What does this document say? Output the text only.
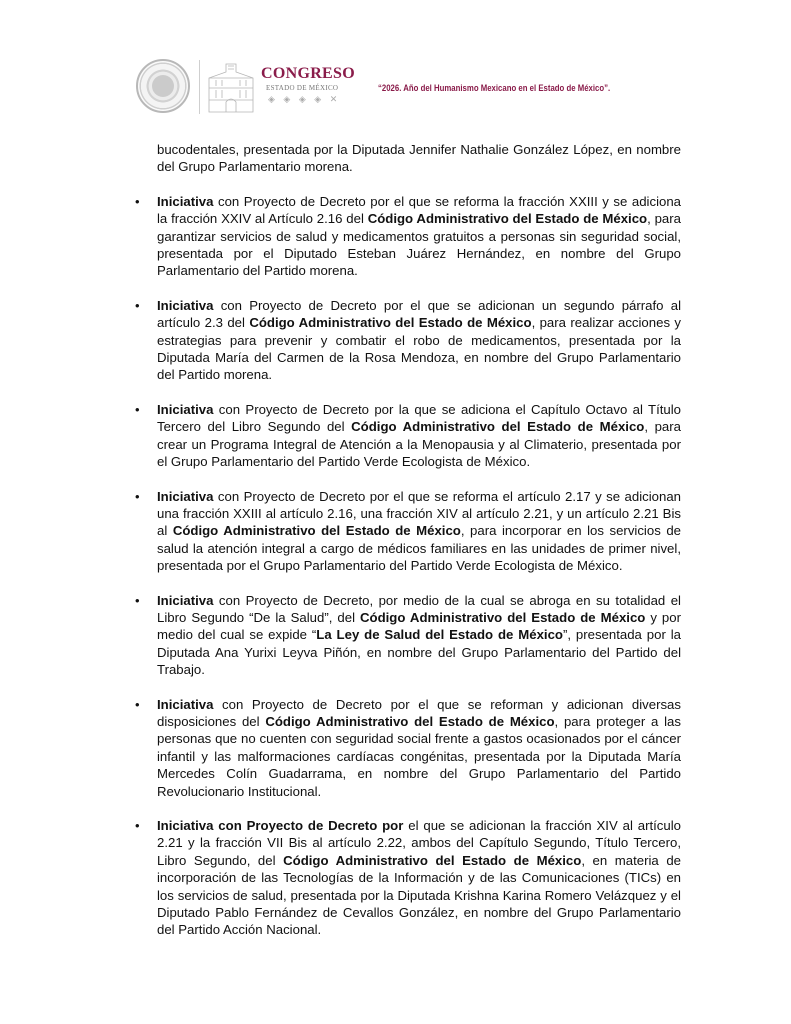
CONGRESO
ESTADO DE MÉXICO
◈ ◈ ◈ ◈ ✕
“2026. Año del Humanismo Mexicano en el Estado de México”.

bucodentales, presentada por la Diputada Jennifer Nathalie González López, en nombre del Grupo Parlamentario morena.

• Iniciativa con Proyecto de Decreto por el que se reforma la fracción XXIII y se adiciona la fracción XXIV al Artículo 2.16 del Código Administrativo del Estado de México, para garantizar servicios de salud y medicamentos gratuitos a personas sin seguridad social, presentada por el Diputado Esteban Juárez Hernández, en nombre del Grupo Parlamentario del Partido morena.

• Iniciativa con Proyecto de Decreto por el que se adicionan un segundo párrafo al artículo 2.3 del Código Administrativo del Estado de México, para realizar acciones y estrategias para prevenir y combatir el robo de medicamentos, presentada por la Diputada María del Carmen de la Rosa Mendoza, en nombre del Grupo Parlamentario del Partido morena.

• Iniciativa con Proyecto de Decreto por la que se adiciona el Capítulo Octavo al Título Tercero del Libro Segundo del Código Administrativo del Estado de México, para crear un Programa Integral de Atención a la Menopausia y al Climaterio, presentada por el Grupo Parlamentario del Partido Verde Ecologista de México.

• Iniciativa con Proyecto de Decreto por el que se reforma el artículo 2.17 y se adicionan una fracción XXIII al artículo 2.16, una fracción XIV al artículo 2.21, y un artículo 2.21 Bis al Código Administrativo del Estado de México, para incorporar en los servicios de salud la atención integral a cargo de médicos familiares en las unidades de primer nivel, presentada por el Grupo Parlamentario del Partido Verde Ecologista de México.

• Iniciativa con Proyecto de Decreto, por medio de la cual se abroga en su totalidad el Libro Segundo “De la Salud”, del Código Administrativo del Estado de México y por medio del cual se expide “La Ley de Salud del Estado de México”, presentada por la Diputada Ana Yurixi Leyva Piñón, en nombre del Grupo Parlamentario del Partido del Trabajo.

• Iniciativa con Proyecto de Decreto por el que se reforman y adicionan diversas disposiciones del Código Administrativo del Estado de México, para proteger a las personas que no cuenten con seguridad social frente a gastos ocasionados por el cáncer infantil y las malformaciones cardíacas congénitas, presentada por la Diputada María Mercedes Colín Guadarrama, en nombre del Grupo Parlamentario del Partido Revolucionario Institucional.

• Iniciativa con Proyecto de Decreto por el que se adicionan la fracción XIV al artículo 2.21 y la fracción VII Bis al artículo 2.22, ambos del Capítulo Segundo, Título Tercero, Libro Segundo, del Código Administrativo del Estado de México, en materia de incorporación de las Tecnologías de la Información y de las Comunicaciones (TICs) en los servicios de salud, presentada por la Diputada Krishna Karina Romero Velázquez y el Diputado Pablo Fernández de Cevallos González, en nombre del Grupo Parlamentario del Partido Acción Nacional.
